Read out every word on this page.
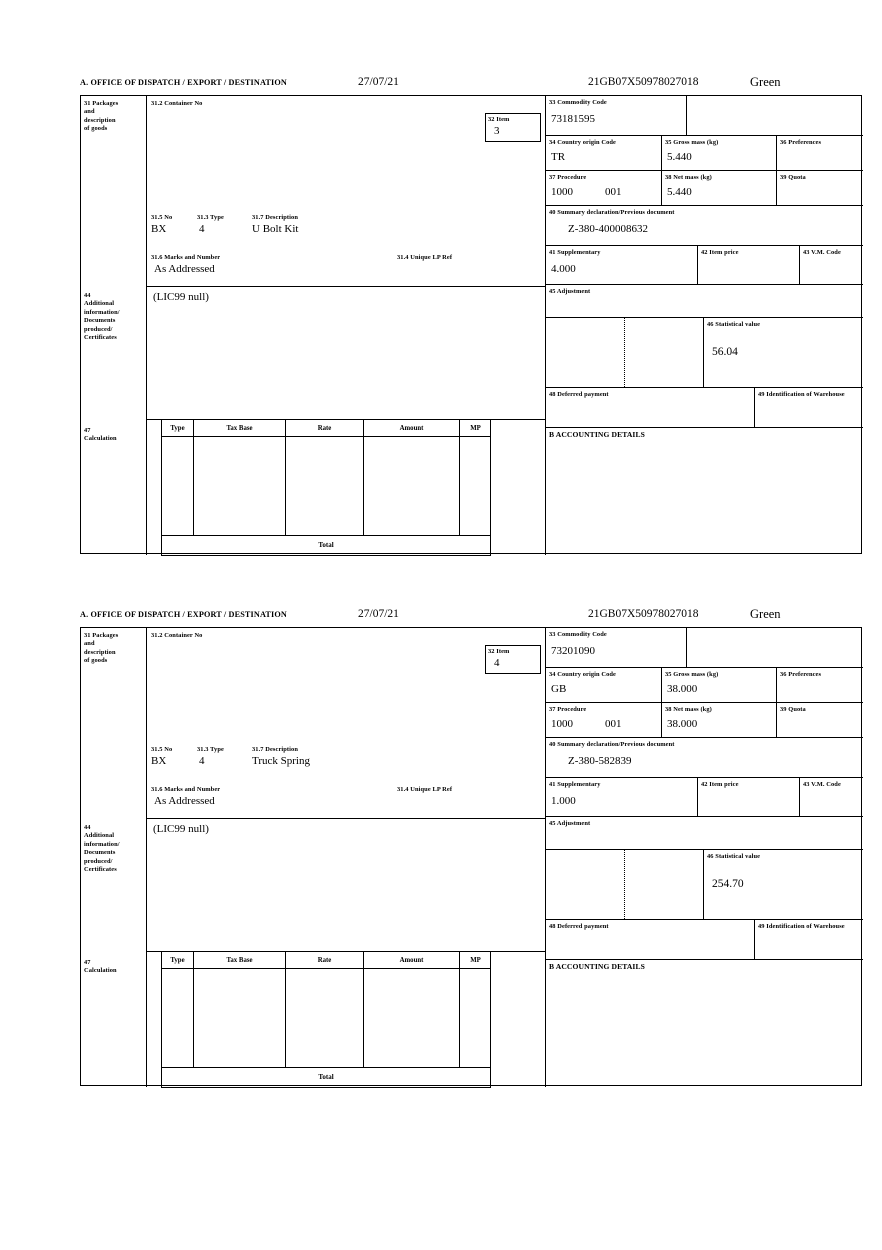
A. OFFICE OF DISPATCH / EXPORT / DESTINATION	27/07/21	21GB07X50978027018	Green
31 Packages
and
description
of goods
44
Additional
information/
Documents
produced/
Certificates
47
Calculation
31.2 Container No
31.5 No	31.3 Type	31.7 Description
BX	4	U Bolt Kit
31.6 Marks and Number	31.4 Unique LP Ref
As Addressed
32 Item
3
33 Commodity Code
73181595
34 Country origin Code
TR
35 Gross mass (kg)
5.440
36 Preferences
37 Procedure
1000	001
38 Net mass (kg)
5.440
39 Quota
40 Summary declaration/Previous document
Z-380-400008632
41 Supplementary
4.000
42 Item price	43 V.M. Code
45 Adjustment
46 Statistical value
56.04
48 Deferred payment	49 Identification of Warehouse
B ACCOUNTING DETAILS
(LIC99 null)
Type	Tax Base	Rate	Amount	MP
Total
A. OFFICE OF DISPATCH / EXPORT / DESTINATION	27/07/21	21GB07X50978027018	Green
31 Packages
and
description
of goods
44
Additional
information/
Documents
produced/
Certificates
47
Calculation
31.2 Container No
31.5 No	31.3 Type	31.7 Description
BX	4	Truck Spring
31.6 Marks and Number	31.4 Unique LP Ref
As Addressed
32 Item
4
33 Commodity Code
73201090
34 Country origin Code
GB
35 Gross mass (kg)
38.000
36 Preferences
37 Procedure
1000	001
38 Net mass (kg)
38.000
39 Quota
40 Summary declaration/Previous document
Z-380-582839
41 Supplementary
1.000
42 Item price	43 V.M. Code
45 Adjustment
46 Statistical value
254.70
48 Deferred payment	49 Identification of Warehouse
B ACCOUNTING DETAILS
(LIC99 null)
Type	Tax Base	Rate	Amount	MP
Total
